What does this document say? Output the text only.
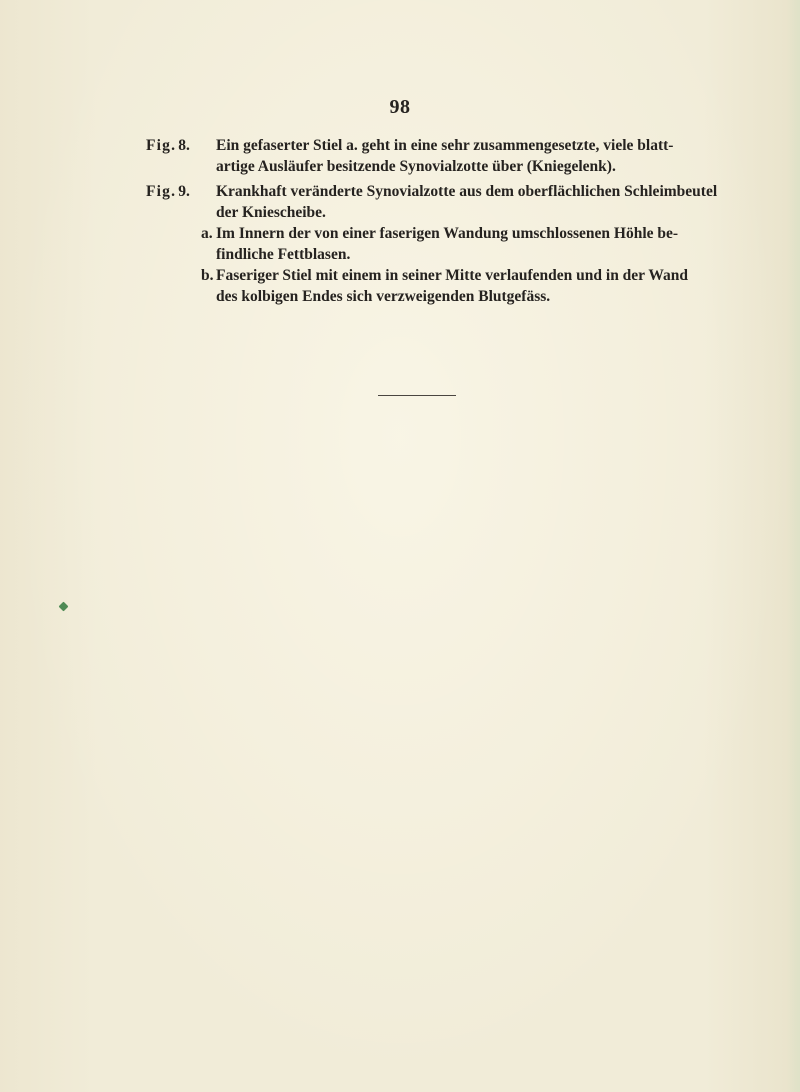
98
Fig. 8.	Ein gefaserter Stiel a. geht in eine sehr zusammengesetzte, viele blatt-
artige Ausläufer besitzende Synovialzotte über (Kniegelenk).
Fig. 9.	Krankhaft veränderte Synovialzotte aus dem oberflächlichen Schleimbeutel
der Kniescheibe.
a. Im Innern der von einer faserigen Wandung umschlossenen Höhle be-
findliche Fettblasen.
b. Faseriger Stiel mit einem in seiner Mitte verlaufenden und in der Wand
des kolbigen Endes sich verzweigenden Blutgefäss.
